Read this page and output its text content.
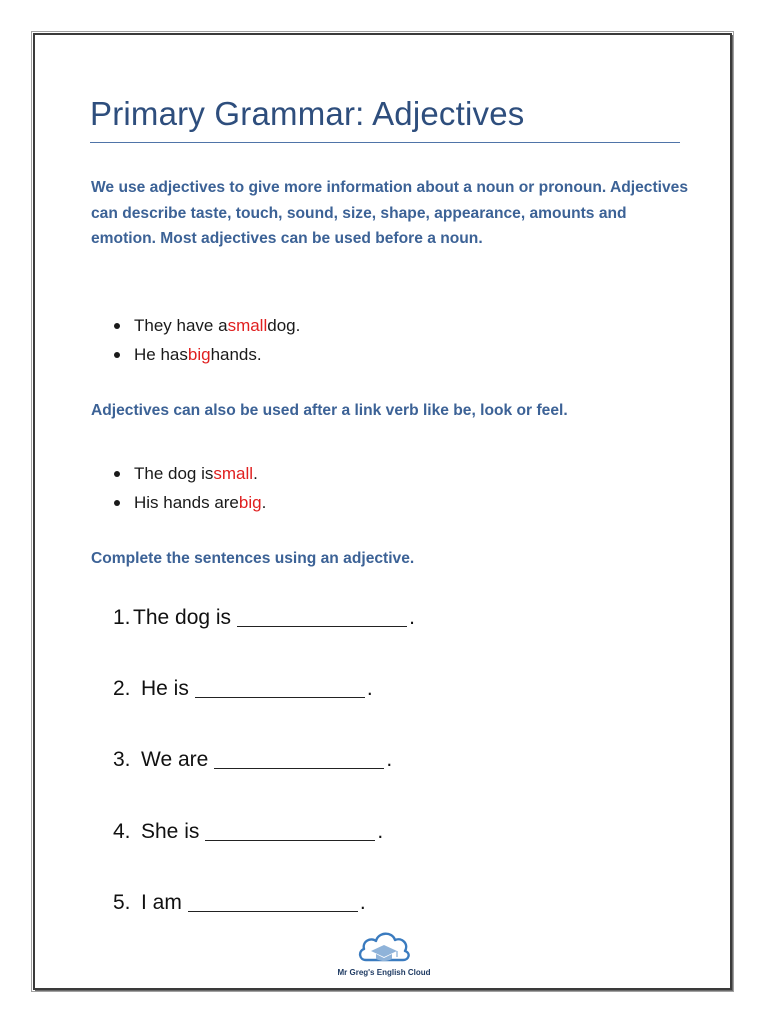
Primary Grammar: Adjectives

We use adjectives to give more information about a noun or pronoun. Adjectives can describe taste, touch, sound, size, shape, appearance, amounts and emotion. Most adjectives can be used before a noun.

They have a small dog.
He has big hands.

Adjectives can also be used after a link verb like be, look or feel.

The dog is small .
His hands are big .

Complete the sentences using an adjective.

1. The dog is	.
2. He is	.
3. We are	.
4. She is	.
5. I am	.
Mr Greg's English Cloud
